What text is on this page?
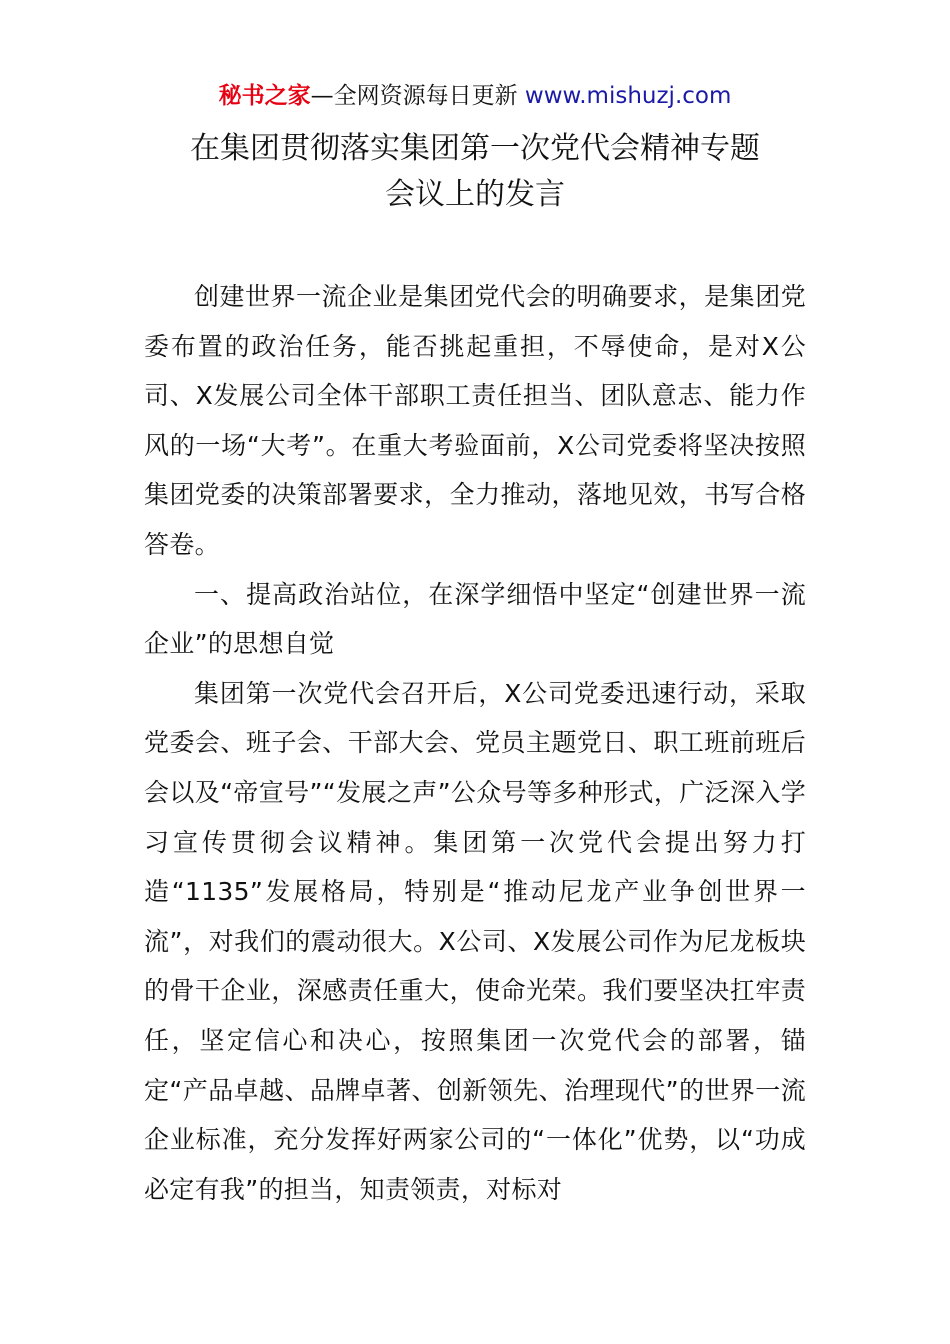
秘书之家—全网资源每日更新 www.mishuzj.com
在集团贯彻落实集团第一次党代会精神专题
会议上的发言

创建世界一流企业是集团党代会的明确要求，是集团党委布置的政治任务，能否挑起重担，不辱使命，是对X公司、X发展公司全体干部职工责任担当、团队意志、能力作风的一场“大考”。在重大考验面前，X公司党委将坚决按照集团党委的决策部署要求，全力推动，落地见效，书写合格答卷。

一、提高政治站位，在深学细悟中坚定“创建世界一流企业”的思想自觉

集团第一次党代会召开后，X公司党委迅速行动，采取党委会、班子会、干部大会、党员主题党日、职工班前班后会以及“帝宣号”“发展之声”公众号等多种形式，广泛深入学习宣传贯彻会议精神。集团第一次党代会提出努力打造“1135”发展格局，特别是“推动尼龙产业争创世界一流”，对我们的震动很大。X公司、X发展公司作为尼龙板块的骨干企业，深感责任重大，使命光荣。我们要坚决扛牢责任，坚定信心和决心，按照集团一次党代会的部署，锚定“产品卓越、品牌卓著、创新领先、治理现代”的世界一流企业标准，充分发挥好两家公司的“一体化”优势，以“功成必定有我”的担当，知责领责，对标对
